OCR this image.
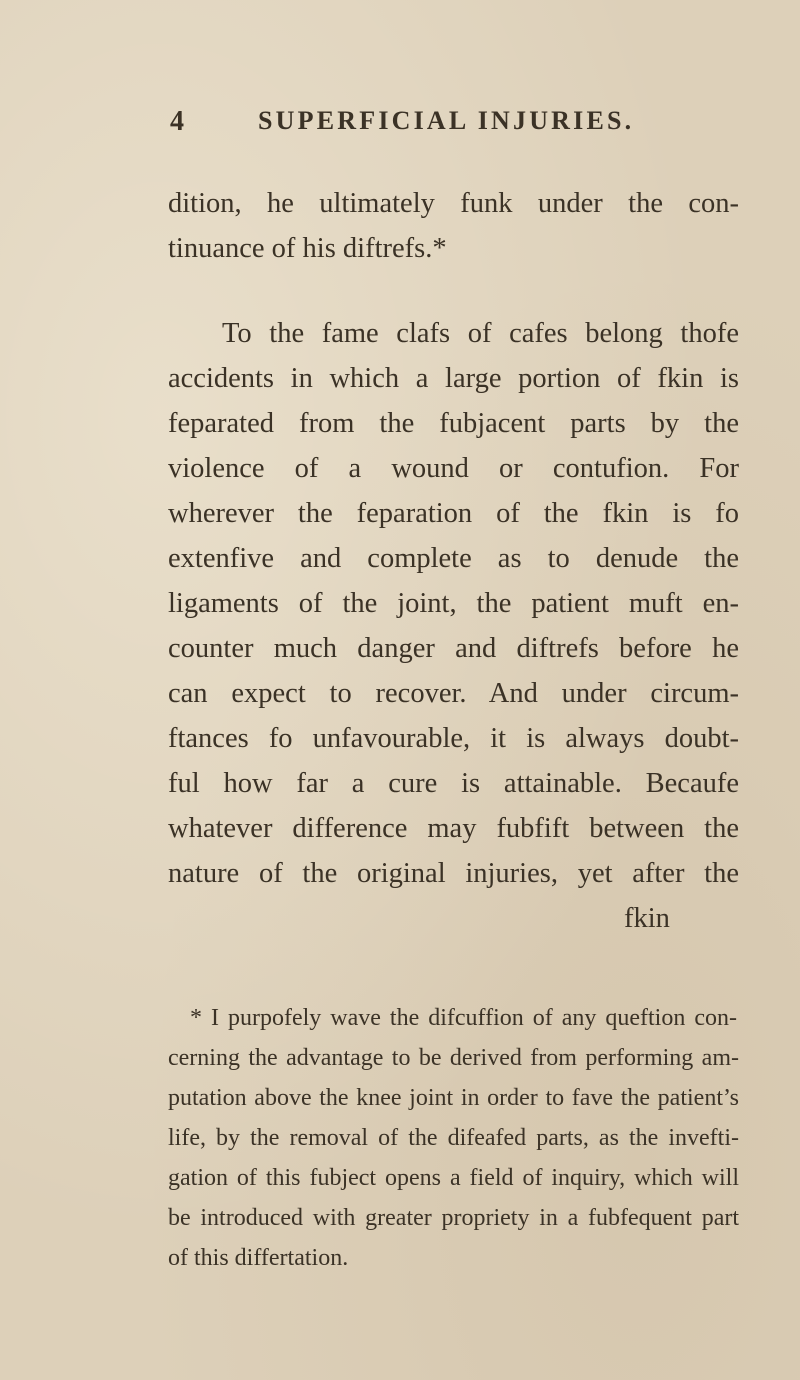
4	SUPERFICIAL INJURIES.
dition, he ultimately funk under the con-
tinuance of his diftrefs.*
To the fame clafs of cafes belong thofe
accidents in which a large portion of fkin is
feparated from the fubjacent parts by the
violence of a wound or contufion. For
wherever the feparation of the fkin is fo
extenfive and complete as to denude the
ligaments of the joint, the patient muft en-
counter much danger and diftrefs before he
can expect to recover. And under circum-
ftances fo unfavourable, it is always doubt-
ful how far a cure is attainable. Becaufe
whatever difference may fubfift between the
nature of the original injuries, yet after the
fkin
* I purpofely wave the difcuffion of any queftion con-
cerning the advantage to be derived from performing am-
putation above the knee joint in order to fave the patient’s
life, by the removal of the difeafed parts, as the invefti-
gation of this fubject opens a field of inquiry, which will
be introduced with greater propriety in a fubfequent part
of this differtation.
